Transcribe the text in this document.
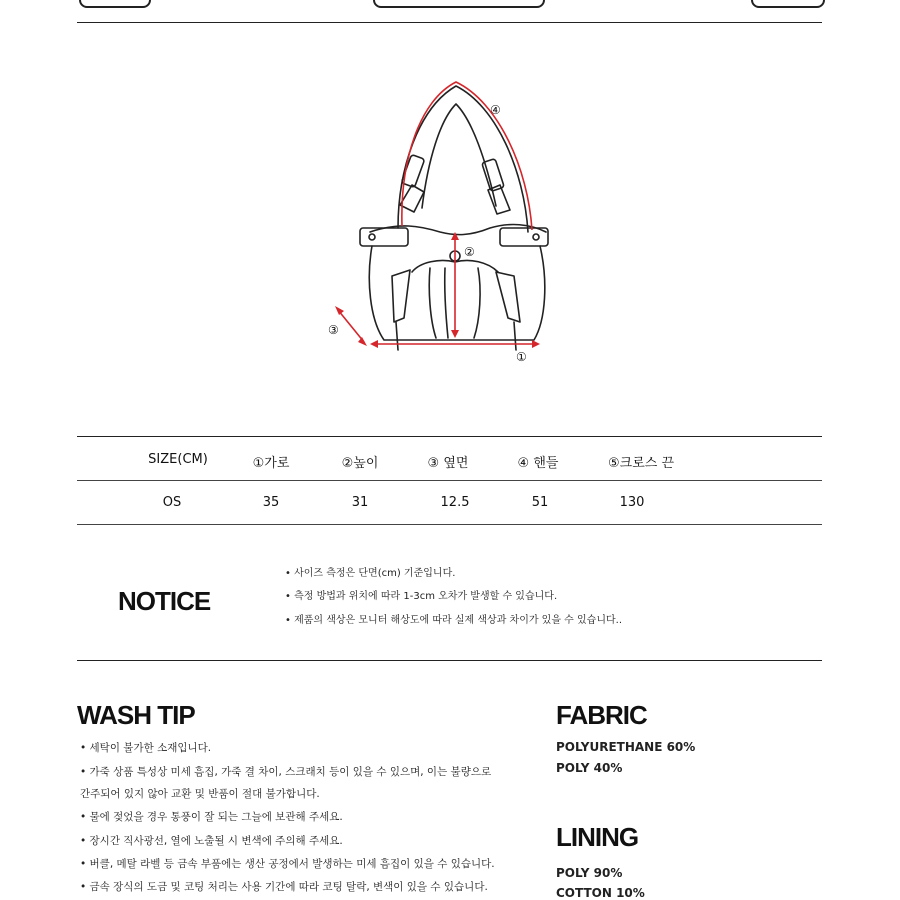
④
②
③
①
SIZE(CM)	①가로	②높이	③ 옆면	④ 핸들	⑤크로스 끈
OS	35	31	12.5	51	130
NOTICE
• 사이즈 측정은 단면(cm) 기준입니다.
• 측정 방법과 위치에 따라 1-3cm 오차가 발생할 수 있습니다.
• 제품의 색상은 모니터 해상도에 따라 실제 색상과 차이가 있을 수 있습니다..
WASH TIP
• 세탁이 불가한 소재입니다.
• 가죽 상품 특성상 미세 흠집, 가죽 결 차이, 스크래치 등이 있을 수 있으며, 이는 불량으로
간주되어 있지 않아 교환 및 반품이 절대 불가합니다.
• 물에 젖었을 경우 통풍이 잘 되는 그늘에 보관해 주세요.
• 장시간 직사광선, 열에 노출될 시 변색에 주의해 주세요.
• 버클, 메탈 라벨 등 금속 부품에는 생산 공정에서 발생하는 미세 흠집이 있을 수 있습니다.
• 금속 장식의 도금 및 코팅 처리는 사용 기간에 따라 코팅 탈락, 변색이 있을 수 있습니다.
FABRIC
POLYURETHANE 60%
POLY 40%
LINING
POLY 90%
COTTON 10%
